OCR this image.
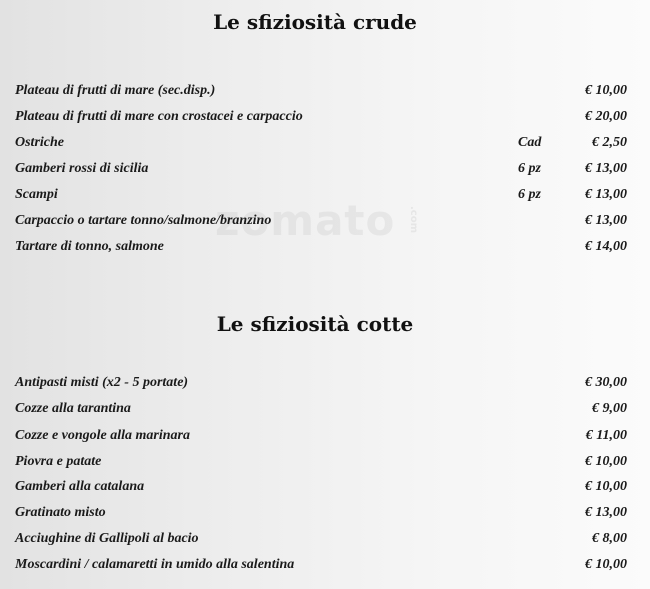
zomato .com
Le sfiziosità crude
Plateau di frutti di mare (sec.disp.)	€ 10,00
Plateau di frutti di mare con crostacei e carpaccio	€ 20,00
Ostriche	Cad	€ 2,50
Gamberi rossi di sicilia	6 pz	€ 13,00
Scampi	6 pz	€ 13,00
Carpaccio o tartare tonno/salmone/branzino	€ 13,00
Tartare di tonno, salmone	€ 14,00
Le sfiziosità cotte
Antipasti misti (x2 - 5 portate)	€ 30,00
Cozze alla tarantina	€ 9,00
Cozze e vongole alla marinara	€ 11,00
Piovra e patate	€ 10,00
Gamberi alla catalana	€ 10,00
Gratinato misto	€ 13,00
Acciughine di Gallipoli al bacio	€ 8,00
Moscardini / calamaretti in umido alla salentina	€ 10,00
